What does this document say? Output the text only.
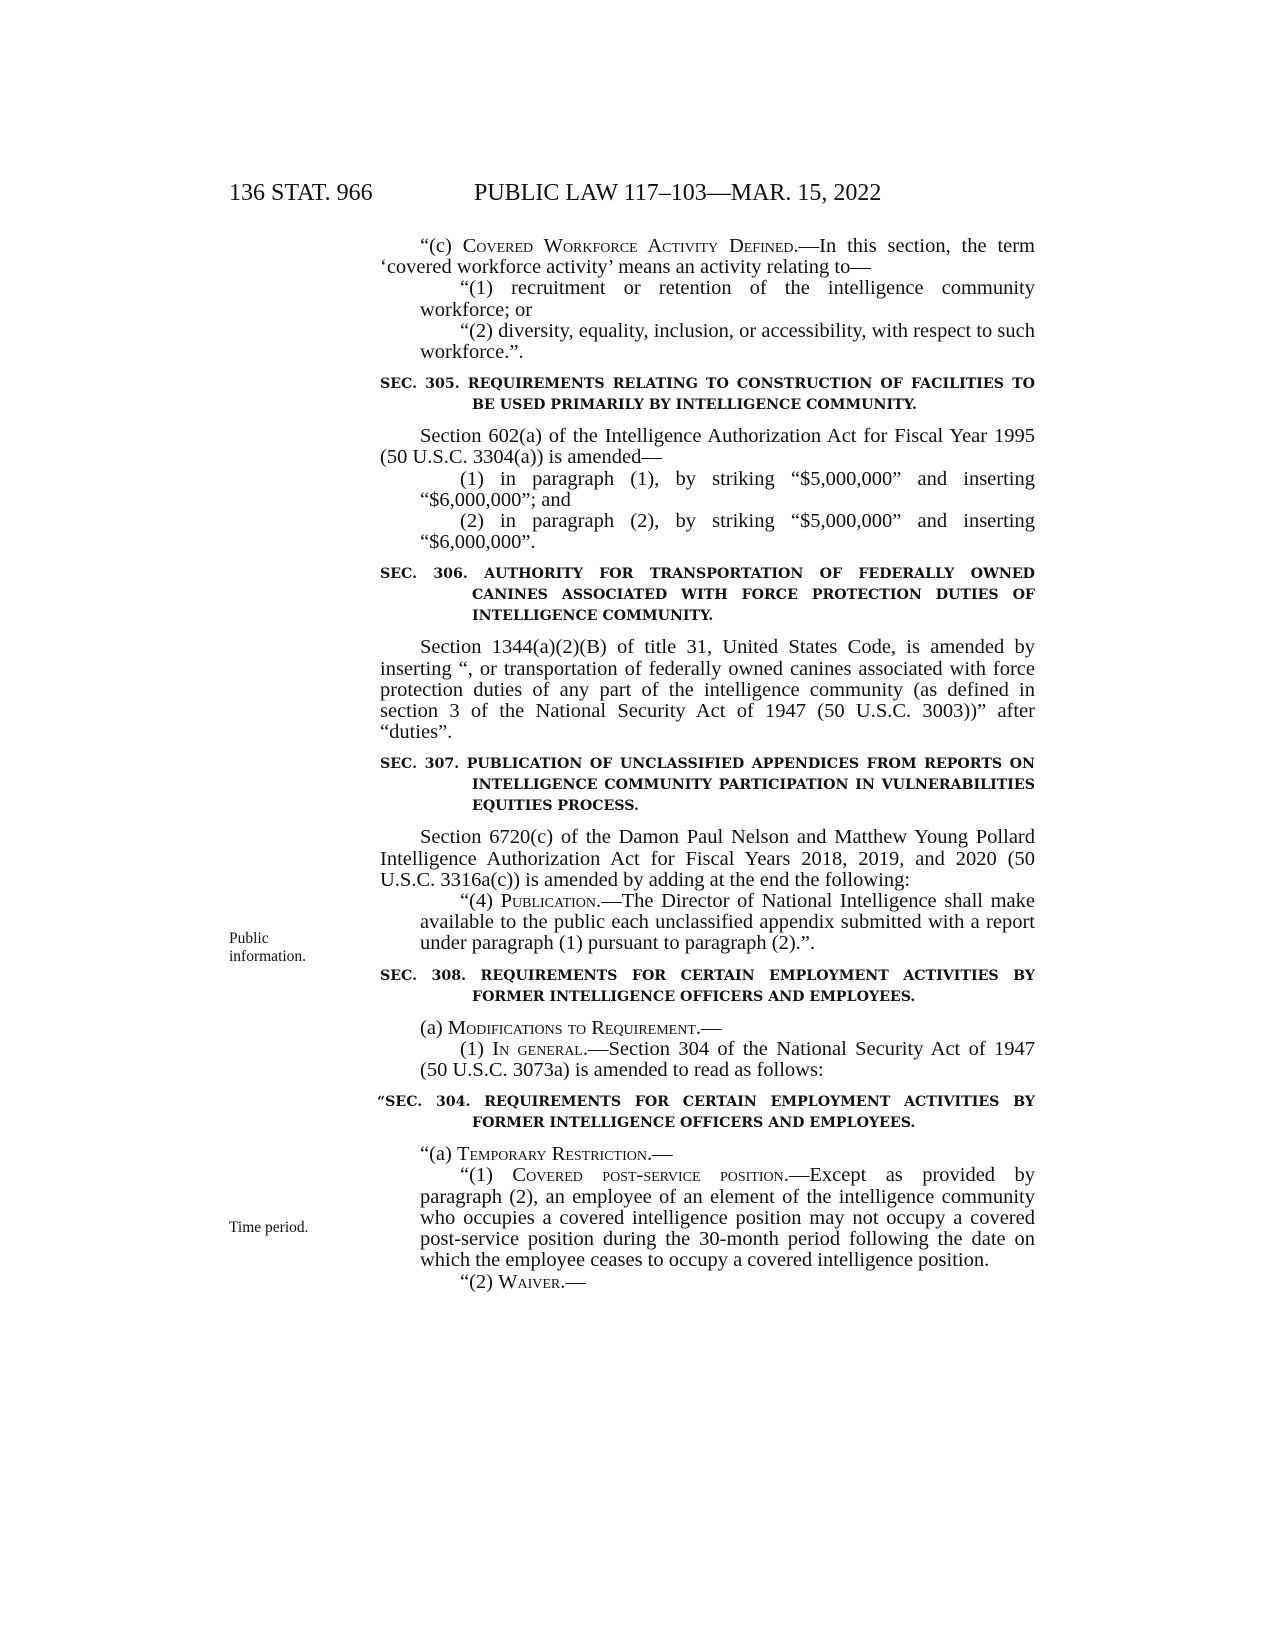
136 STAT. 966	PUBLIC LAW 117–103—MAR. 15, 2022
Public
information.
Time period.

“(c) Covered Workforce Activity Defined.—In this section, the term ‘covered workforce activity’ means an activity relating to—

“(1) recruitment or retention of the intelligence community workforce; or

“(2) diversity, equality, inclusion, or accessibility, with respect to such workforce.”.

SEC. 305. REQUIREMENTS RELATING TO CONSTRUCTION OF FACILITIES TO BE USED PRIMARILY BY INTELLIGENCE COMMUNITY.

Section 602(a) of the Intelligence Authorization Act for Fiscal Year 1995 (50 U.S.C. 3304(a)) is amended—

(1) in paragraph (1), by striking “$5,000,000” and inserting “$6,000,000”; and

(2) in paragraph (2), by striking “$5,000,000” and inserting “$6,000,000”.

SEC. 306. AUTHORITY FOR TRANSPORTATION OF FEDERALLY OWNED CANINES ASSOCIATED WITH FORCE PROTECTION DUTIES OF INTELLIGENCE COMMUNITY.

Section 1344(a)(2)(B) of title 31, United States Code, is amended by inserting “, or transportation of federally owned canines associated with force protection duties of any part of the intelligence community (as defined in section 3 of the National Security Act of 1947 (50 U.S.C. 3003))” after “duties”.

SEC. 307. PUBLICATION OF UNCLASSIFIED APPENDICES FROM REPORTS ON INTELLIGENCE COMMUNITY PARTICIPATION IN VULNERABILITIES EQUITIES PROCESS.

Section 6720(c) of the Damon Paul Nelson and Matthew Young Pollard Intelligence Authorization Act for Fiscal Years 2018, 2019, and 2020 (50 U.S.C. 3316a(c)) is amended by adding at the end the following:

“(4) Publication.—The Director of National Intelligence shall make available to the public each unclassified appendix submitted with a report under paragraph (1) pursuant to paragraph (2).”.

SEC. 308. REQUIREMENTS FOR CERTAIN EMPLOYMENT ACTIVITIES BY FORMER INTELLIGENCE OFFICERS AND EMPLOYEES.

(a) Modifications to Requirement.—

(1) In general.—Section 304 of the National Security Act of 1947 (50 U.S.C. 3073a) is amended to read as follows:

“SEC. 304. REQUIREMENTS FOR CERTAIN EMPLOYMENT ACTIVITIES BY FORMER INTELLIGENCE OFFICERS AND EMPLOYEES.

“(a) Temporary Restriction.—

“(1) Covered post-service position.—Except as provided by paragraph (2), an employee of an element of the intelligence community who occupies a covered intelligence position may not occupy a covered post-service position during the 30-month period following the date on which the employee ceases to occupy a covered intelligence position.

“(2) Waiver.—
